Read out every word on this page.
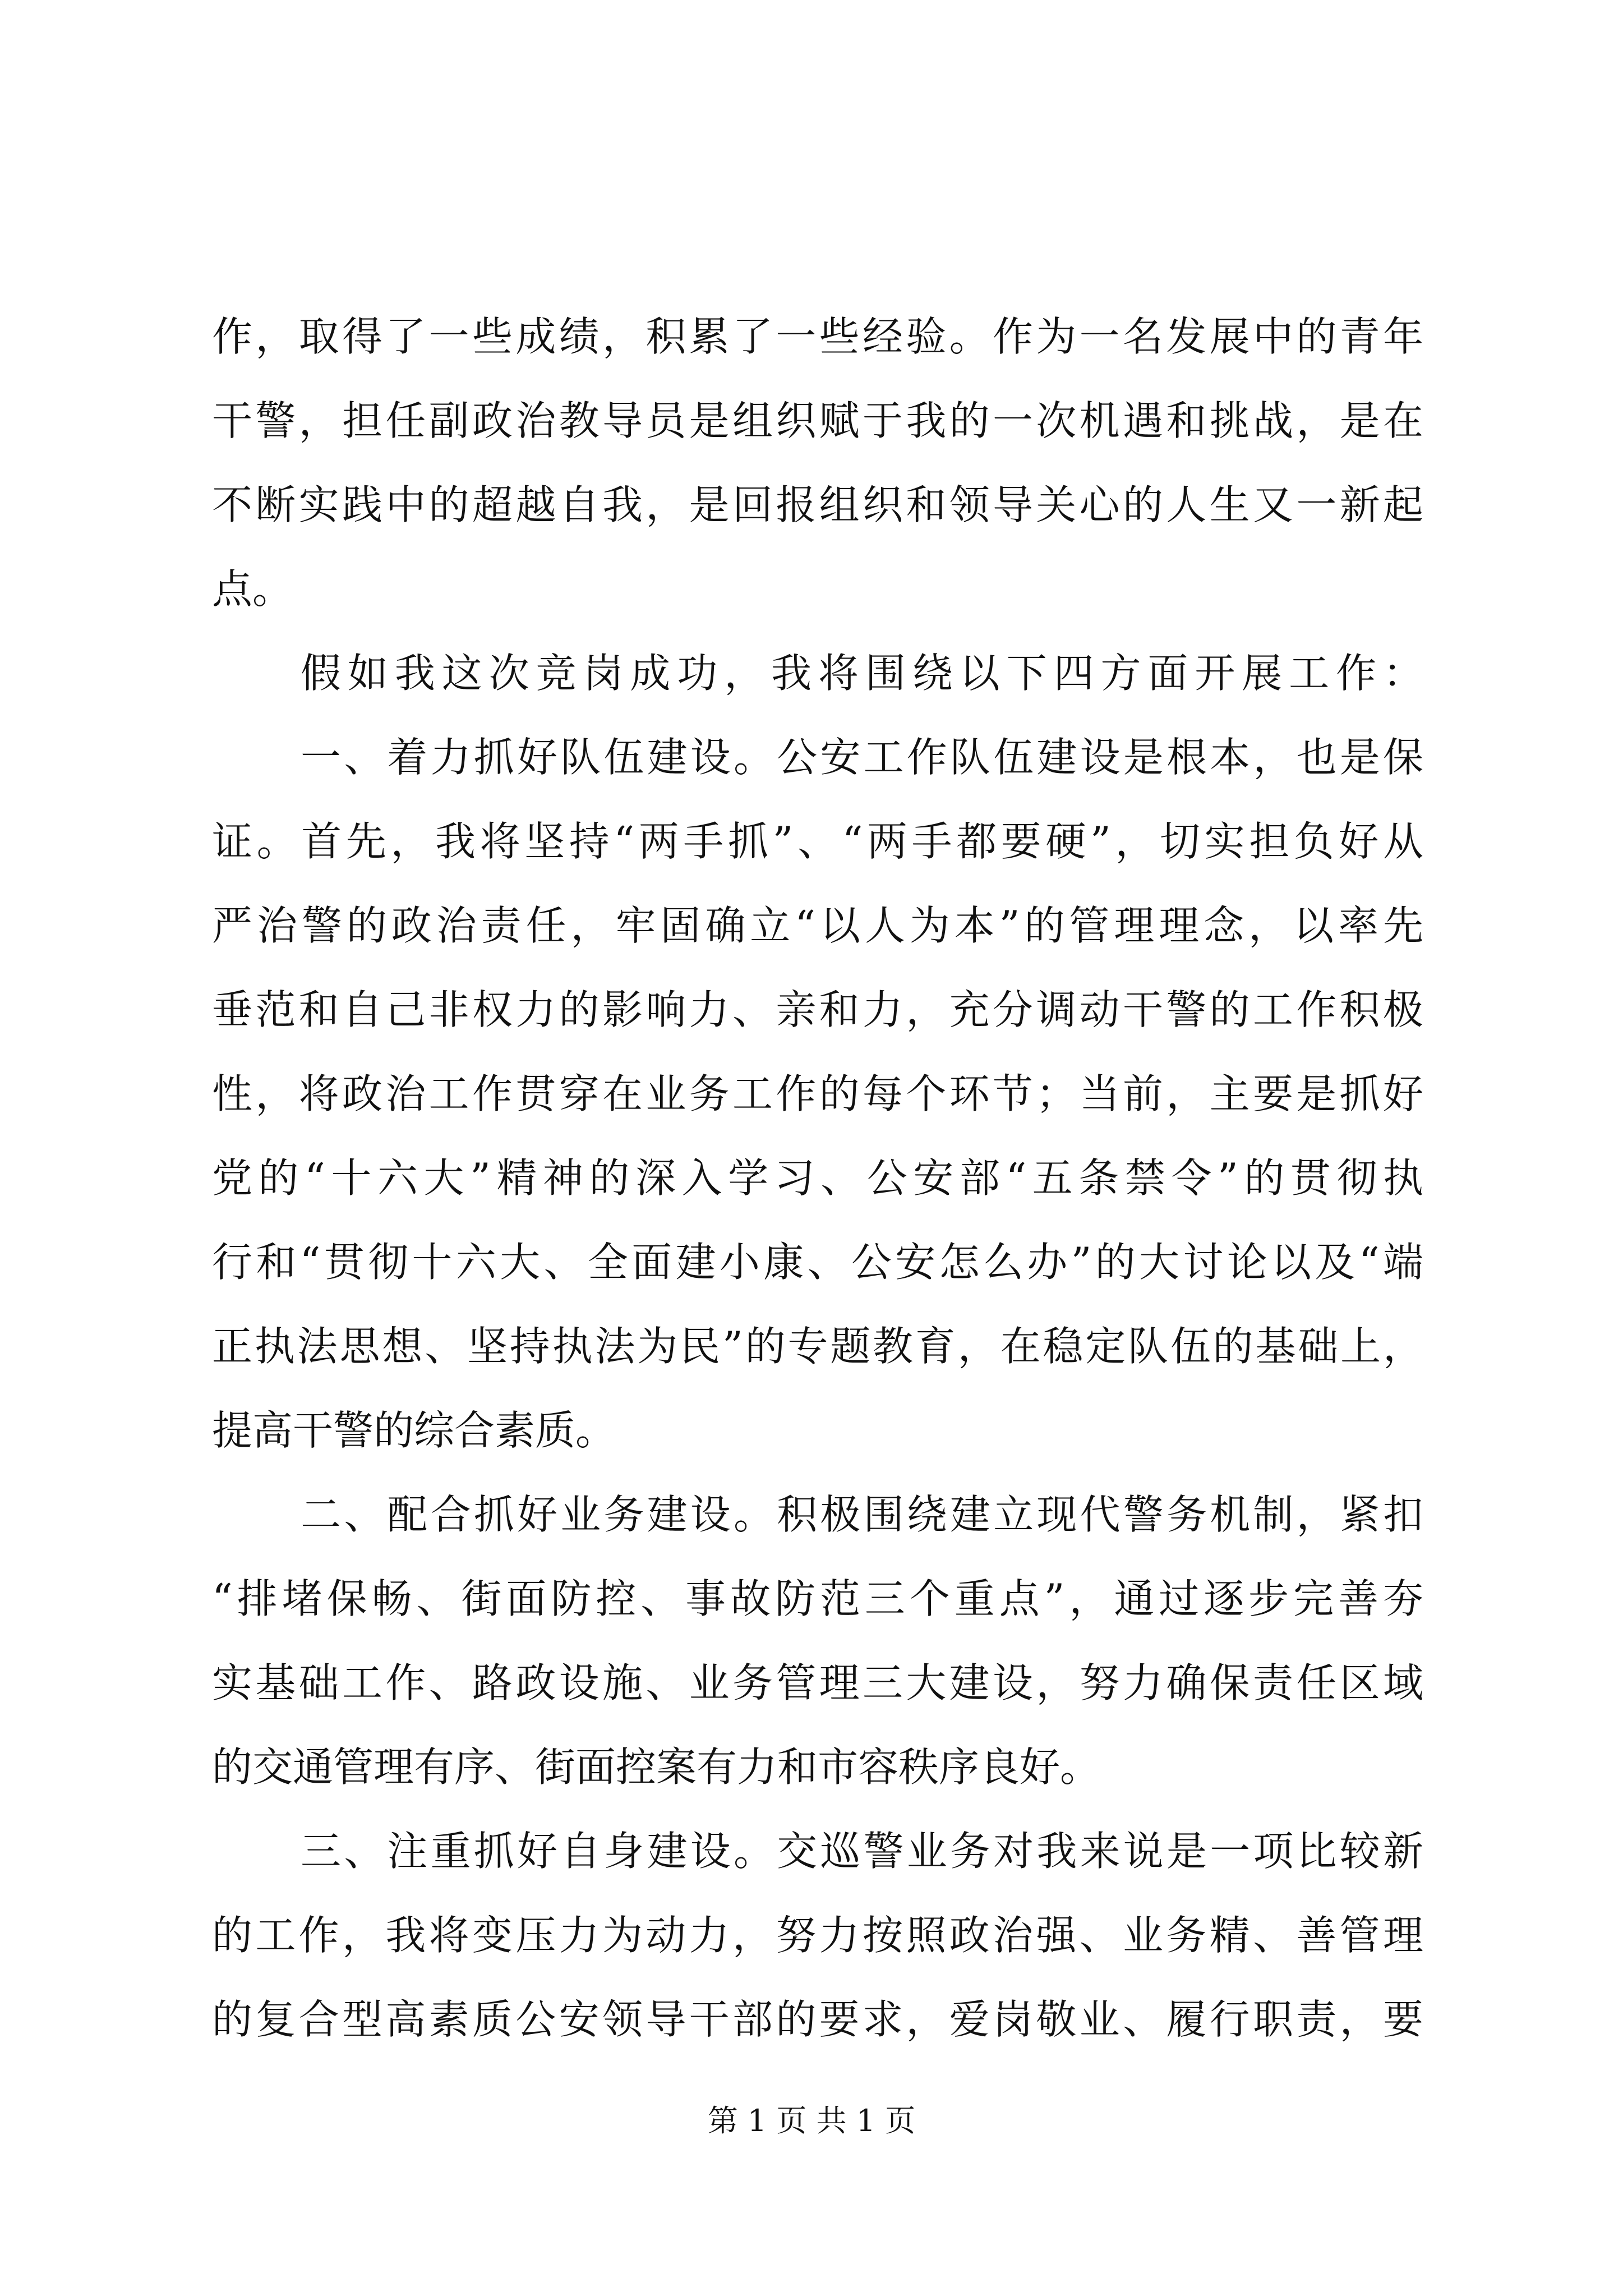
作，取得了一些成绩，积累了一些经验。作为一名发展中的青年
干警，担任副政治教导员是组织赋于我的一次机遇和挑战，是在
不断实践中的超越自我，是回报组织和领导关心的人生又一新起
点。
假如我这次竞岗成功，我将围绕以下四方面开展工作：
一、着力抓好队伍建设。公安工作队伍建设是根本，也是保
证。首先，我将坚持“两手抓”、“两手都要硬”，切实担负好从
严治警的政治责任，牢固确立“以人为本”的管理理念，以率先
垂范和自己非权力的影响力、亲和力，充分调动干警的工作积极
性，将政治工作贯穿在业务工作的每个环节；当前，主要是抓好
党的“十六大”精神的深入学习、公安部“五条禁令”的贯彻执
行和“贯彻十六大、全面建小康、公安怎么办”的大讨论以及“端
正执法思想、坚持执法为民”的专题教育，在稳定队伍的基础上，
提高干警的综合素质。
二、配合抓好业务建设。积极围绕建立现代警务机制，紧扣
“排堵保畅、街面防控、事故防范三个重点”，通过逐步完善夯
实基础工作、路政设施、业务管理三大建设，努力确保责任区域
的交通管理有序、街面控案有力和市容秩序良好。
三、注重抓好自身建设。交巡警业务对我来说是一项比较新
的工作，我将变压力为动力，努力按照政治强、业务精、善管理
的复合型高素质公安领导干部的要求，爱岗敬业、履行职责，要
第 1 页 共 1 页
